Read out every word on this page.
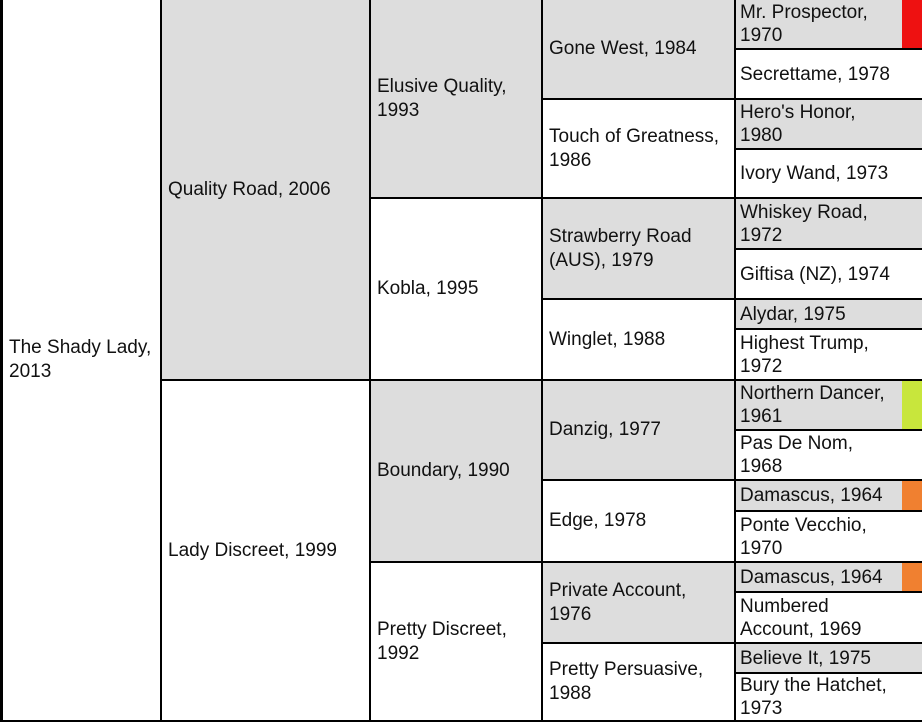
The Shady Lady, 2013
Quality Road, 2006
Lady Discreet, 1999
Elusive Quality, 1993
Kobla, 1995
Boundary, 1990
Pretty Discreet, 1992
Gone West, 1984
Touch of Greatness, 1986
Strawberry Road (AUS), 1979
Winglet, 1988
Danzig, 1977
Edge, 1978
Private Account, 1976
Pretty Persuasive, 1988
Mr. Prospector, 1970
Secrettame, 1978
Hero's Honor, 1980
Ivory Wand, 1973
Whiskey Road, 1972
Giftisa (NZ), 1974
Alydar, 1975
Highest Trump, 1972
Northern Dancer, 1961
Pas De Nom, 1968
Damascus, 1964
Ponte Vecchio, 1970
Damascus, 1964
Numbered Account, 1969
Believe It, 1975
Bury the Hatchet, 1973
